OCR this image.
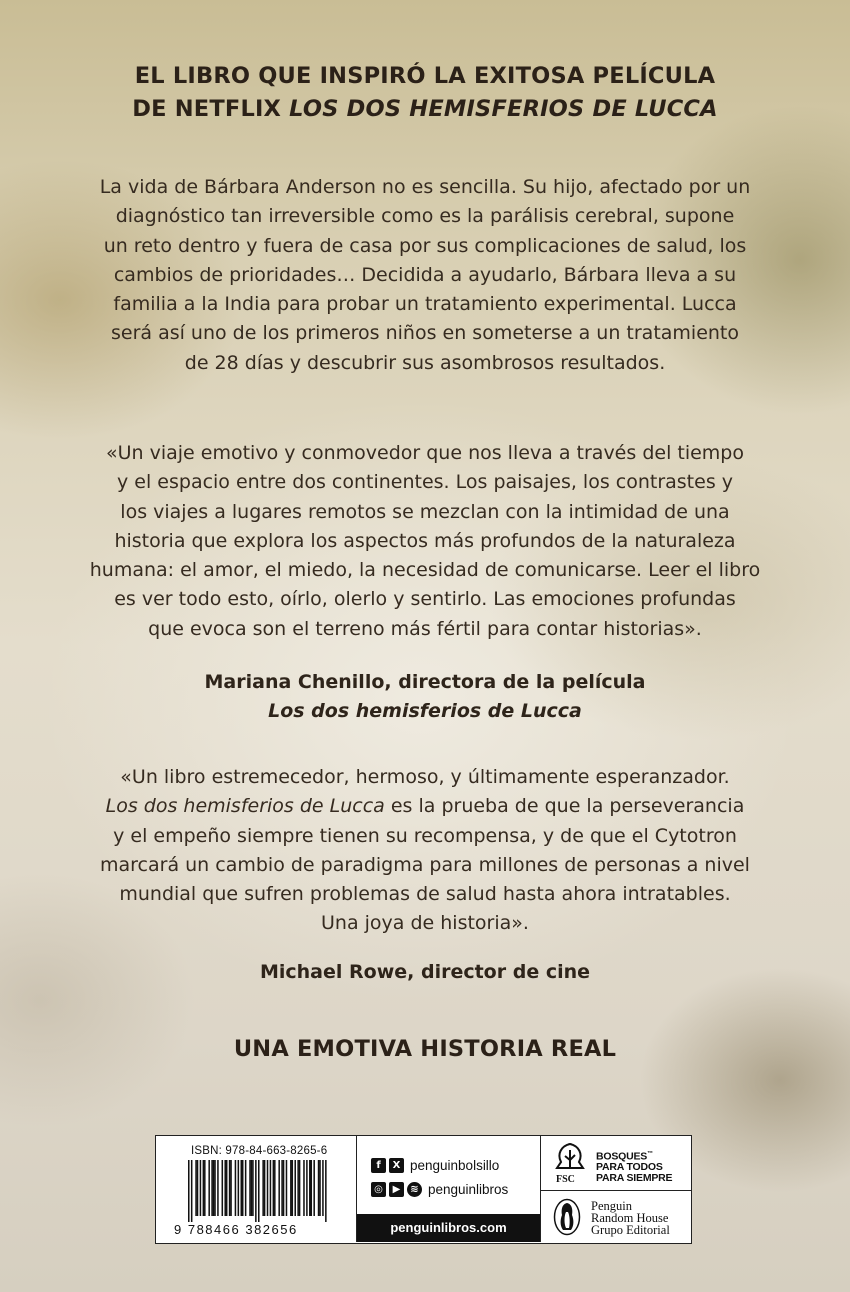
EL LIBRO QUE INSPIRÓ LA EXITOSA PELÍCULA
DE NETFLIX LOS DOS HEMISFERIOS DE LUCCA
La vida de Bárbara Anderson no es sencilla. Su hijo, afectado por un
diagnóstico tan irreversible como es la parálisis cerebral, supone
un reto dentro y fuera de casa por sus complicaciones de salud, los
cambios de prioridades… Decidida a ayudarlo, Bárbara lleva a su
familia a la India para probar un tratamiento experimental. Lucca
será así uno de los primeros niños en someterse a un tratamiento
de 28 días y descubrir sus asombrosos resultados.
«Un viaje emotivo y conmovedor que nos lleva a través del tiempo
y el espacio entre dos continentes. Los paisajes, los contrastes y
los viajes a lugares remotos se mezclan con la intimidad de una
historia que explora los aspectos más profundos de la naturaleza
humana: el amor, el miedo, la necesidad de comunicarse. Leer el libro
es ver todo esto, oírlo, olerlo y sentirlo. Las emociones profundas
que evoca son el terreno más fértil para contar historias».
Mariana Chenillo, directora de la película
Los dos hemisferios de Lucca
«Un libro estremecedor, hermoso, y últimamente esperanzador.
Los dos hemisferios de Lucca es la prueba de que la perseverancia
y el empeño siempre tienen su recompensa, y de que el Cytotron
marcará un cambio de paradigma para millones de personas a nivel
mundial que sufren problemas de salud hasta ahora intratables.
Una joya de historia».
Michael Rowe, director de cine
UNA EMOTIVA HISTORIA REAL
ISBN: 978-84-663-8265-6
9 788466 382656
f	X penguinbolsillo
◎ ▶ ≋ penguinlibros
penguinlibros.com
FSC
BOSQUES™
PARA TODOS
PARA SIEMPRE
Penguin
Random House
Grupo Editorial
